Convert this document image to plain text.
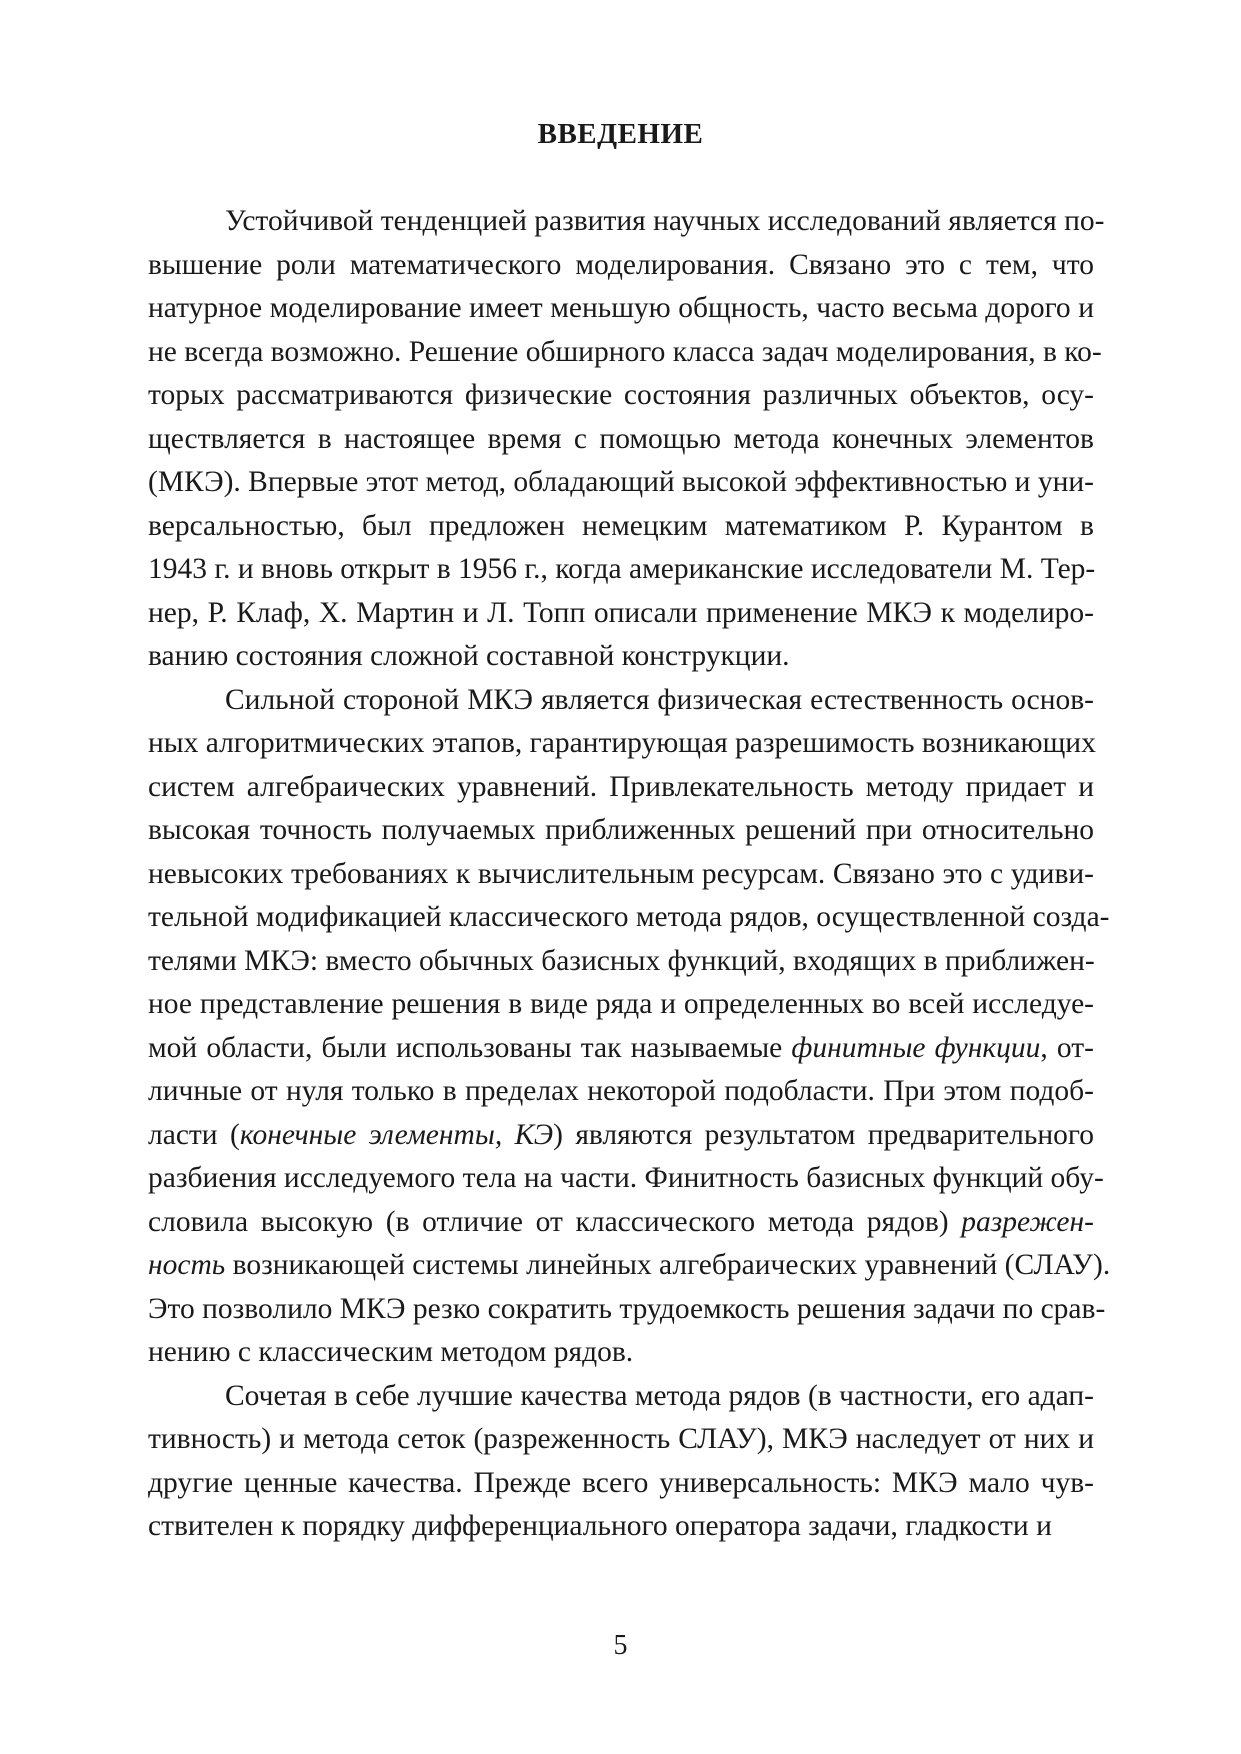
ВВЕДЕНИЕ
Устойчивой тенденцией развития научных исследований является по-
вышение роли математического моделирования. Связано это с тем, что
натурное моделирование имеет меньшую общность, часто весьма дорого и
не всегда возможно. Решение обширного класса задач моделирования, в ко-
торых рассматриваются физические состояния различных объектов, осу-
ществляется в настоящее время с помощью метода конечных элементов
(МКЭ). Впервые этот метод, обладающий высокой эффективностью и уни-
версальностью, был предложен немецким математиком Р. Курантом в
1943 г. и вновь открыт в 1956 г., когда американские исследователи М. Тер-
нер, Р. Клаф, Х. Мартин и Л. Топп описали применение МКЭ к моделиро-
ванию состояния сложной составной конструкции.
Сильной стороной МКЭ является физическая естественность основ-
ных алгоритмических этапов, гарантирующая разрешимость возникающих
систем алгебраических уравнений. Привлекательность методу придает и
высокая точность получаемых приближенных решений при относительно
невысоких требованиях к вычислительным ресурсам. Связано это с удиви-
тельной модификацией классического метода рядов, осуществленной созда-
телями МКЭ: вместо обычных базисных функций, входящих в приближен-
ное представление решения в виде ряда и определенных во всей исследуе-
мой области, были использованы так называемые финитные функции, от-
личные от нуля только в пределах некоторой подобласти. При этом подоб-
ласти (конечные элементы, КЭ) являются результатом предварительного
разбиения исследуемого тела на части. Финитность базисных функций обу-
словила высокую (в отличие от классического метода рядов) разрежен-
ность возникающей системы линейных алгебраических уравнений (СЛАУ).
Это позволило МКЭ резко сократить трудоемкость решения задачи по срав-
нению с классическим методом рядов.
Сочетая в себе лучшие качества метода рядов (в частности, его адап-
тивность) и метода сеток (разреженность СЛАУ), МКЭ наследует от них и
другие ценные качества. Прежде всего универсальность: МКЭ мало чув-
ствителен к порядку дифференциального оператора задачи, гладкости и
5
